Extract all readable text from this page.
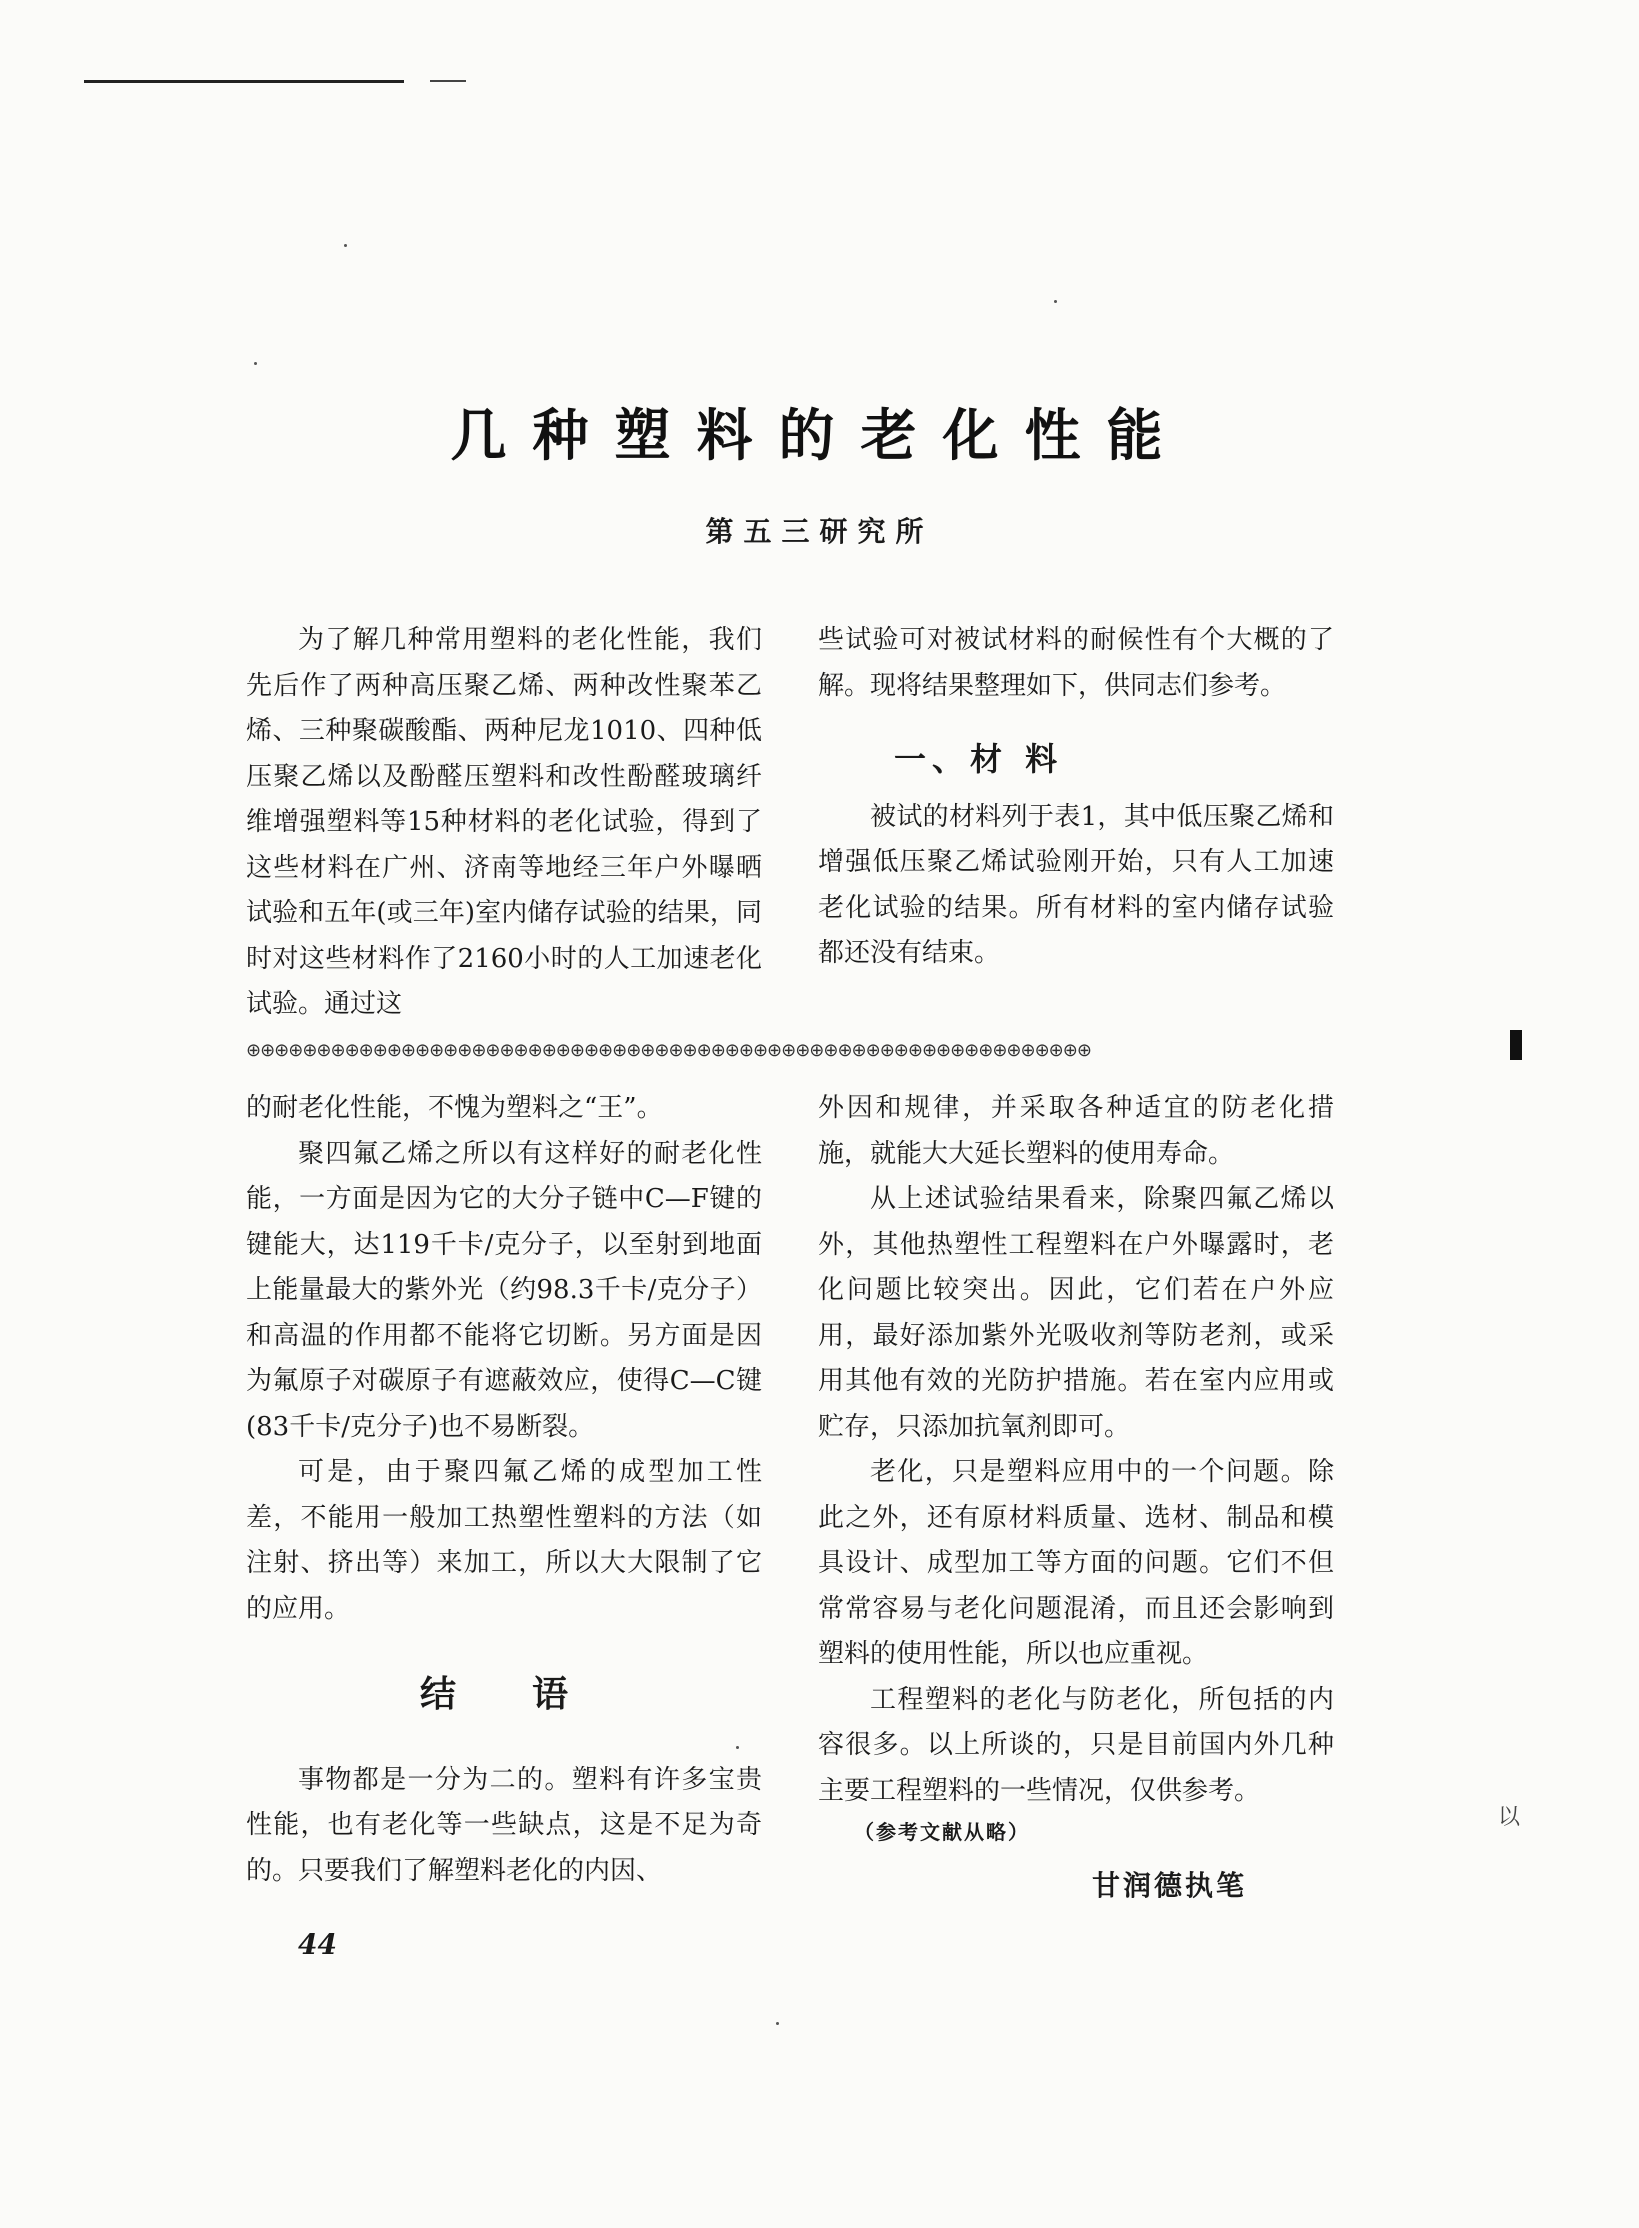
几种塑料的老化性能
第五三研究所

为了解几种常用塑料的老化性能，我们先后作了两种高压聚乙烯、两种改性聚苯乙烯、三种聚碳酸酯、两种尼龙1010、四种低压聚乙烯以及酚醛压塑料和改性酚醛玻璃纤维增强塑料等15种材料的老化试验，得到了这些材料在广州、济南等地经三年户外曝晒试验和五年(或三年)室内储存试验的结果，同时对这些材料作了2160小时的人工加速老化试验。通过这

些试验可对被试材料的耐候性有个大概的了解。现将结果整理如下，供同志们参考。

一、材 料

被试的材料列于表1，其中低压聚乙烯和增强低压聚乙烯试验刚开始，只有人工加速老化试验的结果。所有材料的室内储存试验都还没有结束。

⊕⊕⊕⊕⊕⊕⊕⊕⊕⊕⊕⊕⊕⊕⊕⊕⊕⊕⊕⊕⊕⊕⊕⊕⊕⊕⊕⊕⊕⊕⊕⊕⊕⊕⊕⊕⊕⊕⊕⊕⊕⊕⊕⊕⊕⊕⊕⊕⊕⊕⊕⊕⊕⊕⊕⊕⊕⊕⊕⊕

的耐老化性能，不愧为塑料之“王”。

聚四氟乙烯之所以有这样好的耐老化性能，一方面是因为它的大分子链中C—F键的键能大，达119千卡/克分子，以至射到地面上能量最大的紫外光（约98.3千卡/克分子）和高温的作用都不能将它切断。另方面是因为氟原子对碳原子有遮蔽效应，使得C—C键(83千卡/克分子)也不易断裂。

可是，由于聚四氟乙烯的成型加工性差，不能用一般加工热塑性塑料的方法（如注射、挤出等）来加工，所以大大限制了它的应用。

结　语

事物都是一分为二的。塑料有许多宝贵性能，也有老化等一些缺点，这是不足为奇的。只要我们了解塑料老化的内因、

外因和规律，并采取各种适宜的防老化措施，就能大大延长塑料的使用寿命。

从上述试验结果看来，除聚四氟乙烯以外，其他热塑性工程塑料在户外曝露时，老化问题比较突出。因此，它们若在户外应用，最好添加紫外光吸收剂等防老剂，或采用其他有效的光防护措施。若在室内应用或贮存，只添加抗氧剂即可。

老化，只是塑料应用中的一个问题。除此之外，还有原材料质量、选材、制品和模具设计、成型加工等方面的问题。它们不但常常容易与老化问题混淆，而且还会影响到塑料的使用性能，所以也应重视。

工程塑料的老化与防老化，所包括的内容很多。以上所谈的，只是目前国内外几种主要工程塑料的一些情况，仅供参考。

（参考文献从略）
甘润德执笔
44
以
